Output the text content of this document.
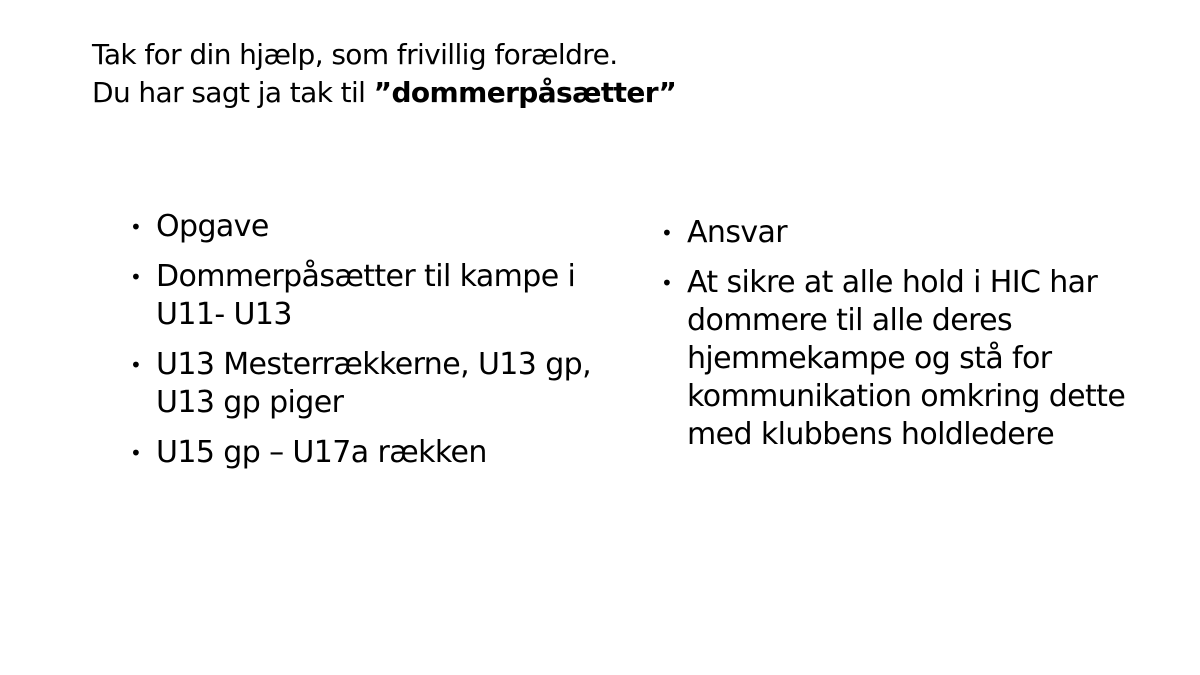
Tak for din hjælp, som frivillig forældre.
Du har sagt ja tak til ”dommerpåsætter”
• Opgave
• Dommerpåsætter til kampe i U11- U13
• U13 Mesterrækkerne, U13 gp, U13 gp piger
• U15 gp – U17a rækken
• Ansvar
• At sikre at alle hold i HIC har dommere til alle deres hjemmekampe og stå for kommunikation omkring dette med klubbens holdledere
